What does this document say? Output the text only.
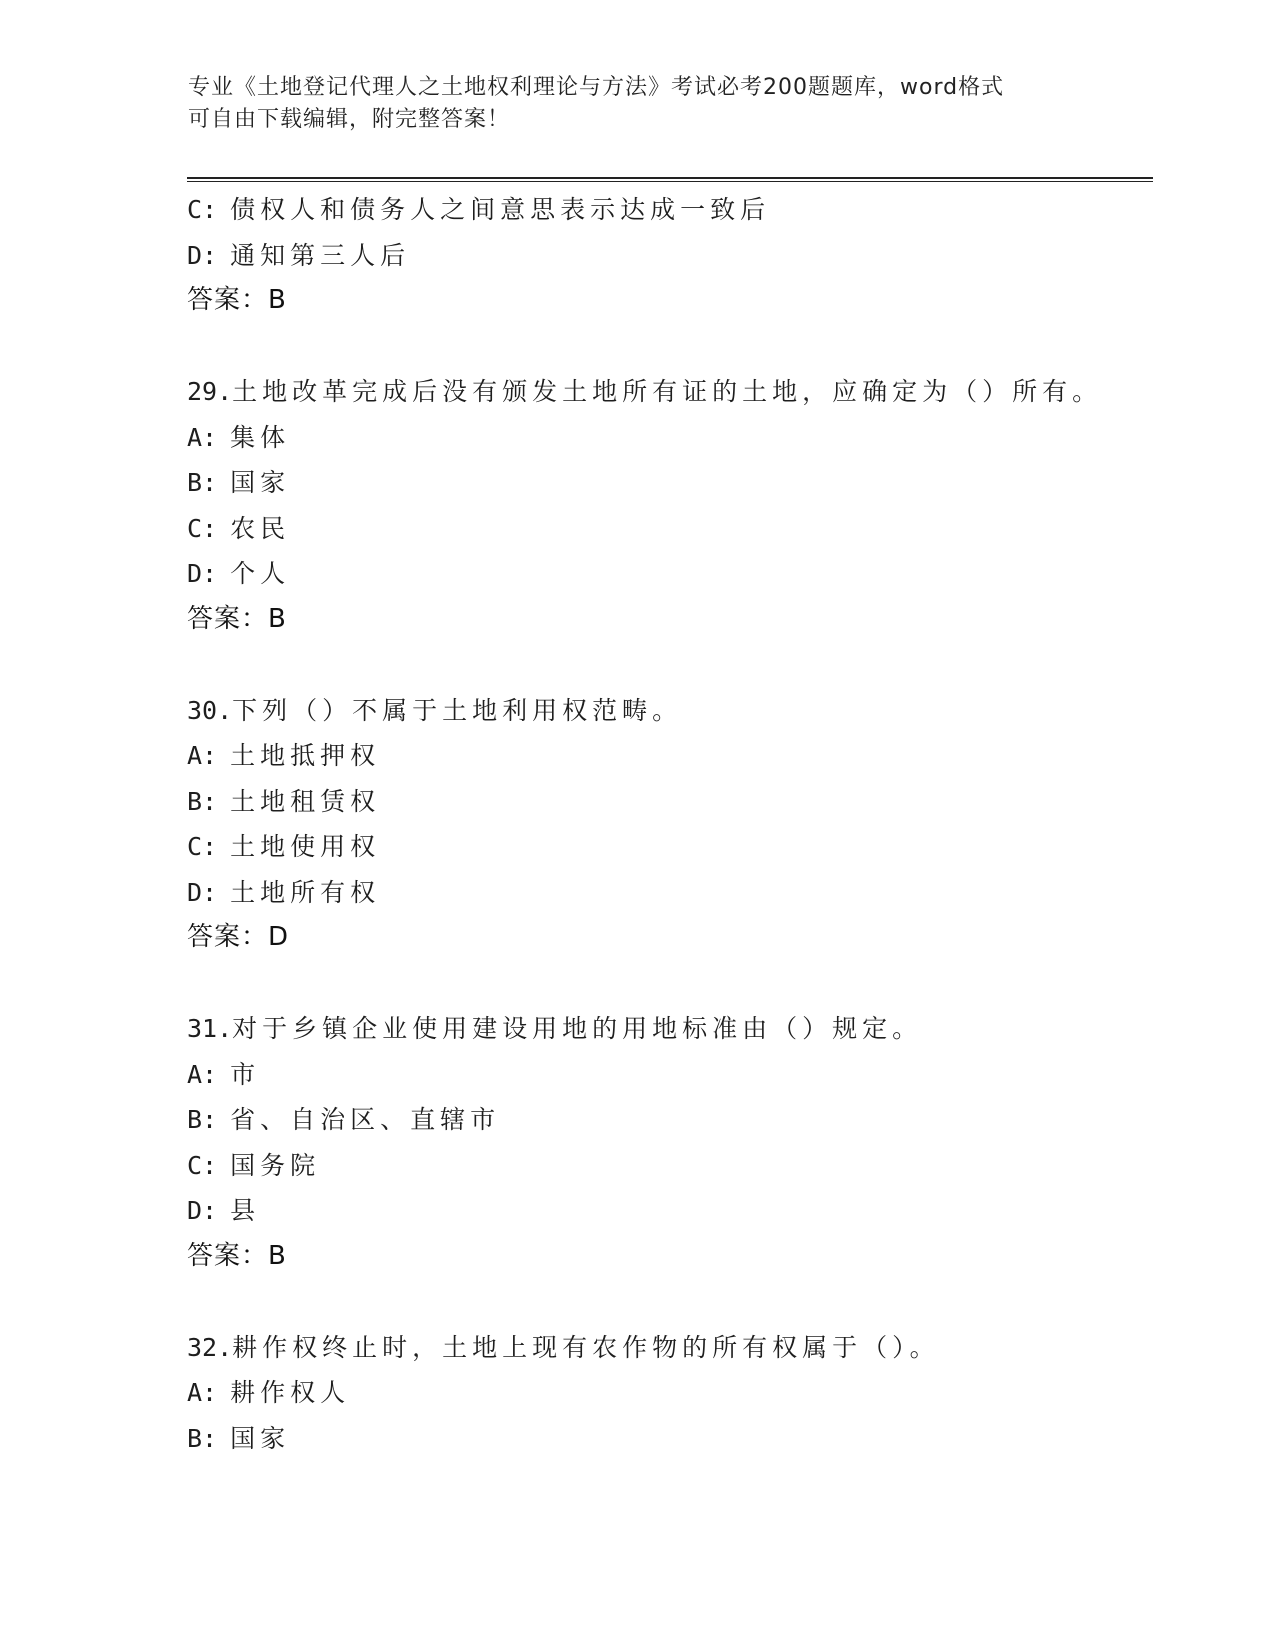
专业《土地登记代理人之土地权利理论与方法》考试必考200题题库，word格式
可自由下载编辑，附完整答案！
C: 债权人和债务人之间意思表示达成一致后
D: 通知第三人后
答案：B
29.土地改革完成后没有颁发土地所有证的土地，应确定为（）所有。
A: 集体
B: 国家
C: 农民
D: 个人
答案：B
30.下列（）不属于土地利用权范畴。
A: 土地抵押权
B: 土地租赁权
C: 土地使用权
D: 土地所有权
答案：D
31.对于乡镇企业使用建设用地的用地标准由（）规定。
A: 市
B: 省、自治区、直辖市
C: 国务院
D: 县
答案：B
32.耕作权终止时，土地上现有农作物的所有权属于（）。
A: 耕作权人
B: 国家
